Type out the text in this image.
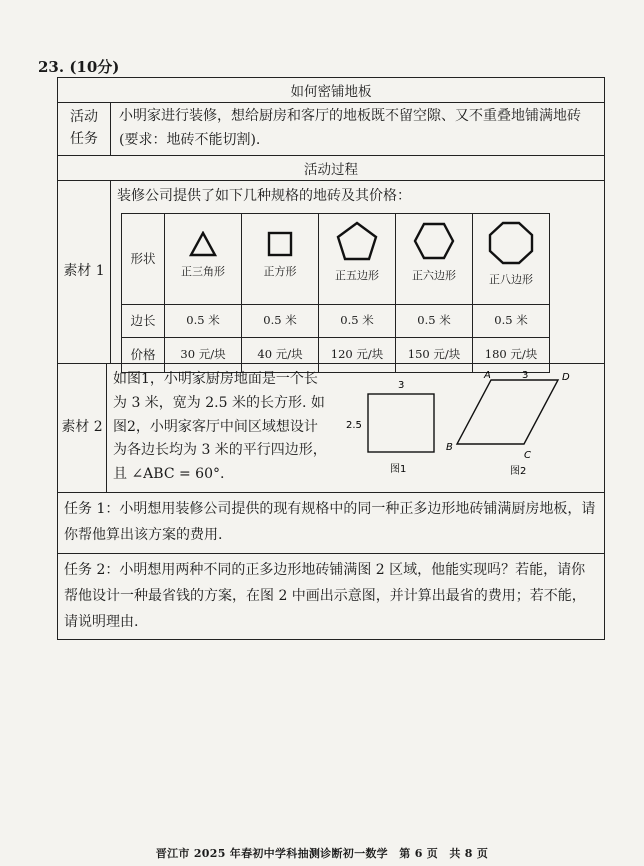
23. (10分)
如何密铺地板
活动任务
小明家进行装修，想给厨房和客厅的地板既不留空隙、又不重叠地铺满地砖(要求：地砖不能切割).
活动过程
素材 1
装修公司提供了如下几种规格的地砖及其价格：
形状	正三角形	正方形	正五边形	正六边形	正八边形

边长	0.5 米	0.5 米	0.5 米	0.5 米	0.5 米
价格	30 元/块	40 元/块	120 元/块	150 元/块	180 元/块
素材 2
如图1，小明家厨房地面是一个长为 3 米，宽为 2.5 米的长方形. 如图2，小明家客厅中间区域想设计为各边长均为 3 米的平行四边形，且 ∠ABC = 60°.
3
2.5
图1
A
B
C
D
3
图2
任务 1：小明想用装修公司提供的现有规格中的同一种正多边形地砖铺满厨房地板，请你帮他算出该方案的费用.
任务 2：小明想用两种不同的正多边形地砖铺满图 2 区域，他能实现吗？若能，请你帮他设计一种最省钱的方案，在图 2 中画出示意图，并计算出最省的费用；若不能，请说明理由.
晋江市 2025 年春初中学科抽测诊断初一数学　第 6 页　共 8 页
